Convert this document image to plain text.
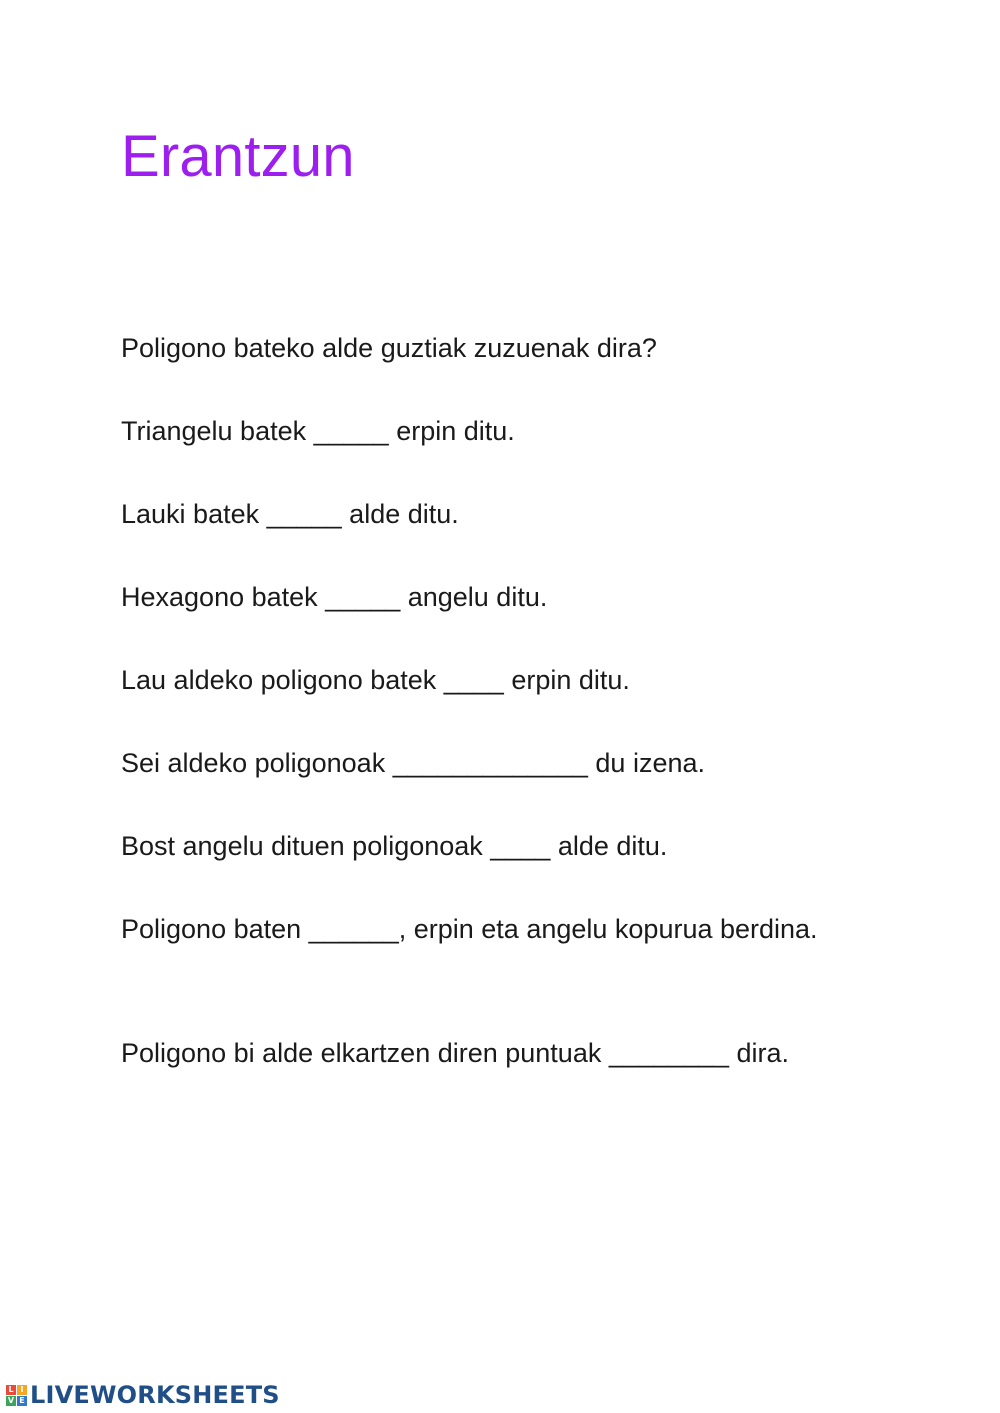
Erantzun

Poligono bateko alde guztiak zuzuenak dira?

Triangelu batek _____ erpin ditu.

Lauki batek _____ alde ditu.

Hexagono batek _____ angelu ditu.

Lau aldeko poligono batek ____ erpin ditu.

Sei aldeko poligonoak _____________ du izena.

Bost angelu dituen poligonoak ____ alde ditu.

Poligono baten ______, erpin eta angelu kopurua berdina.

Poligono bi alde elkartzen diren puntuak ________ dira.

L I
V E LIVEWORKSHEETS
